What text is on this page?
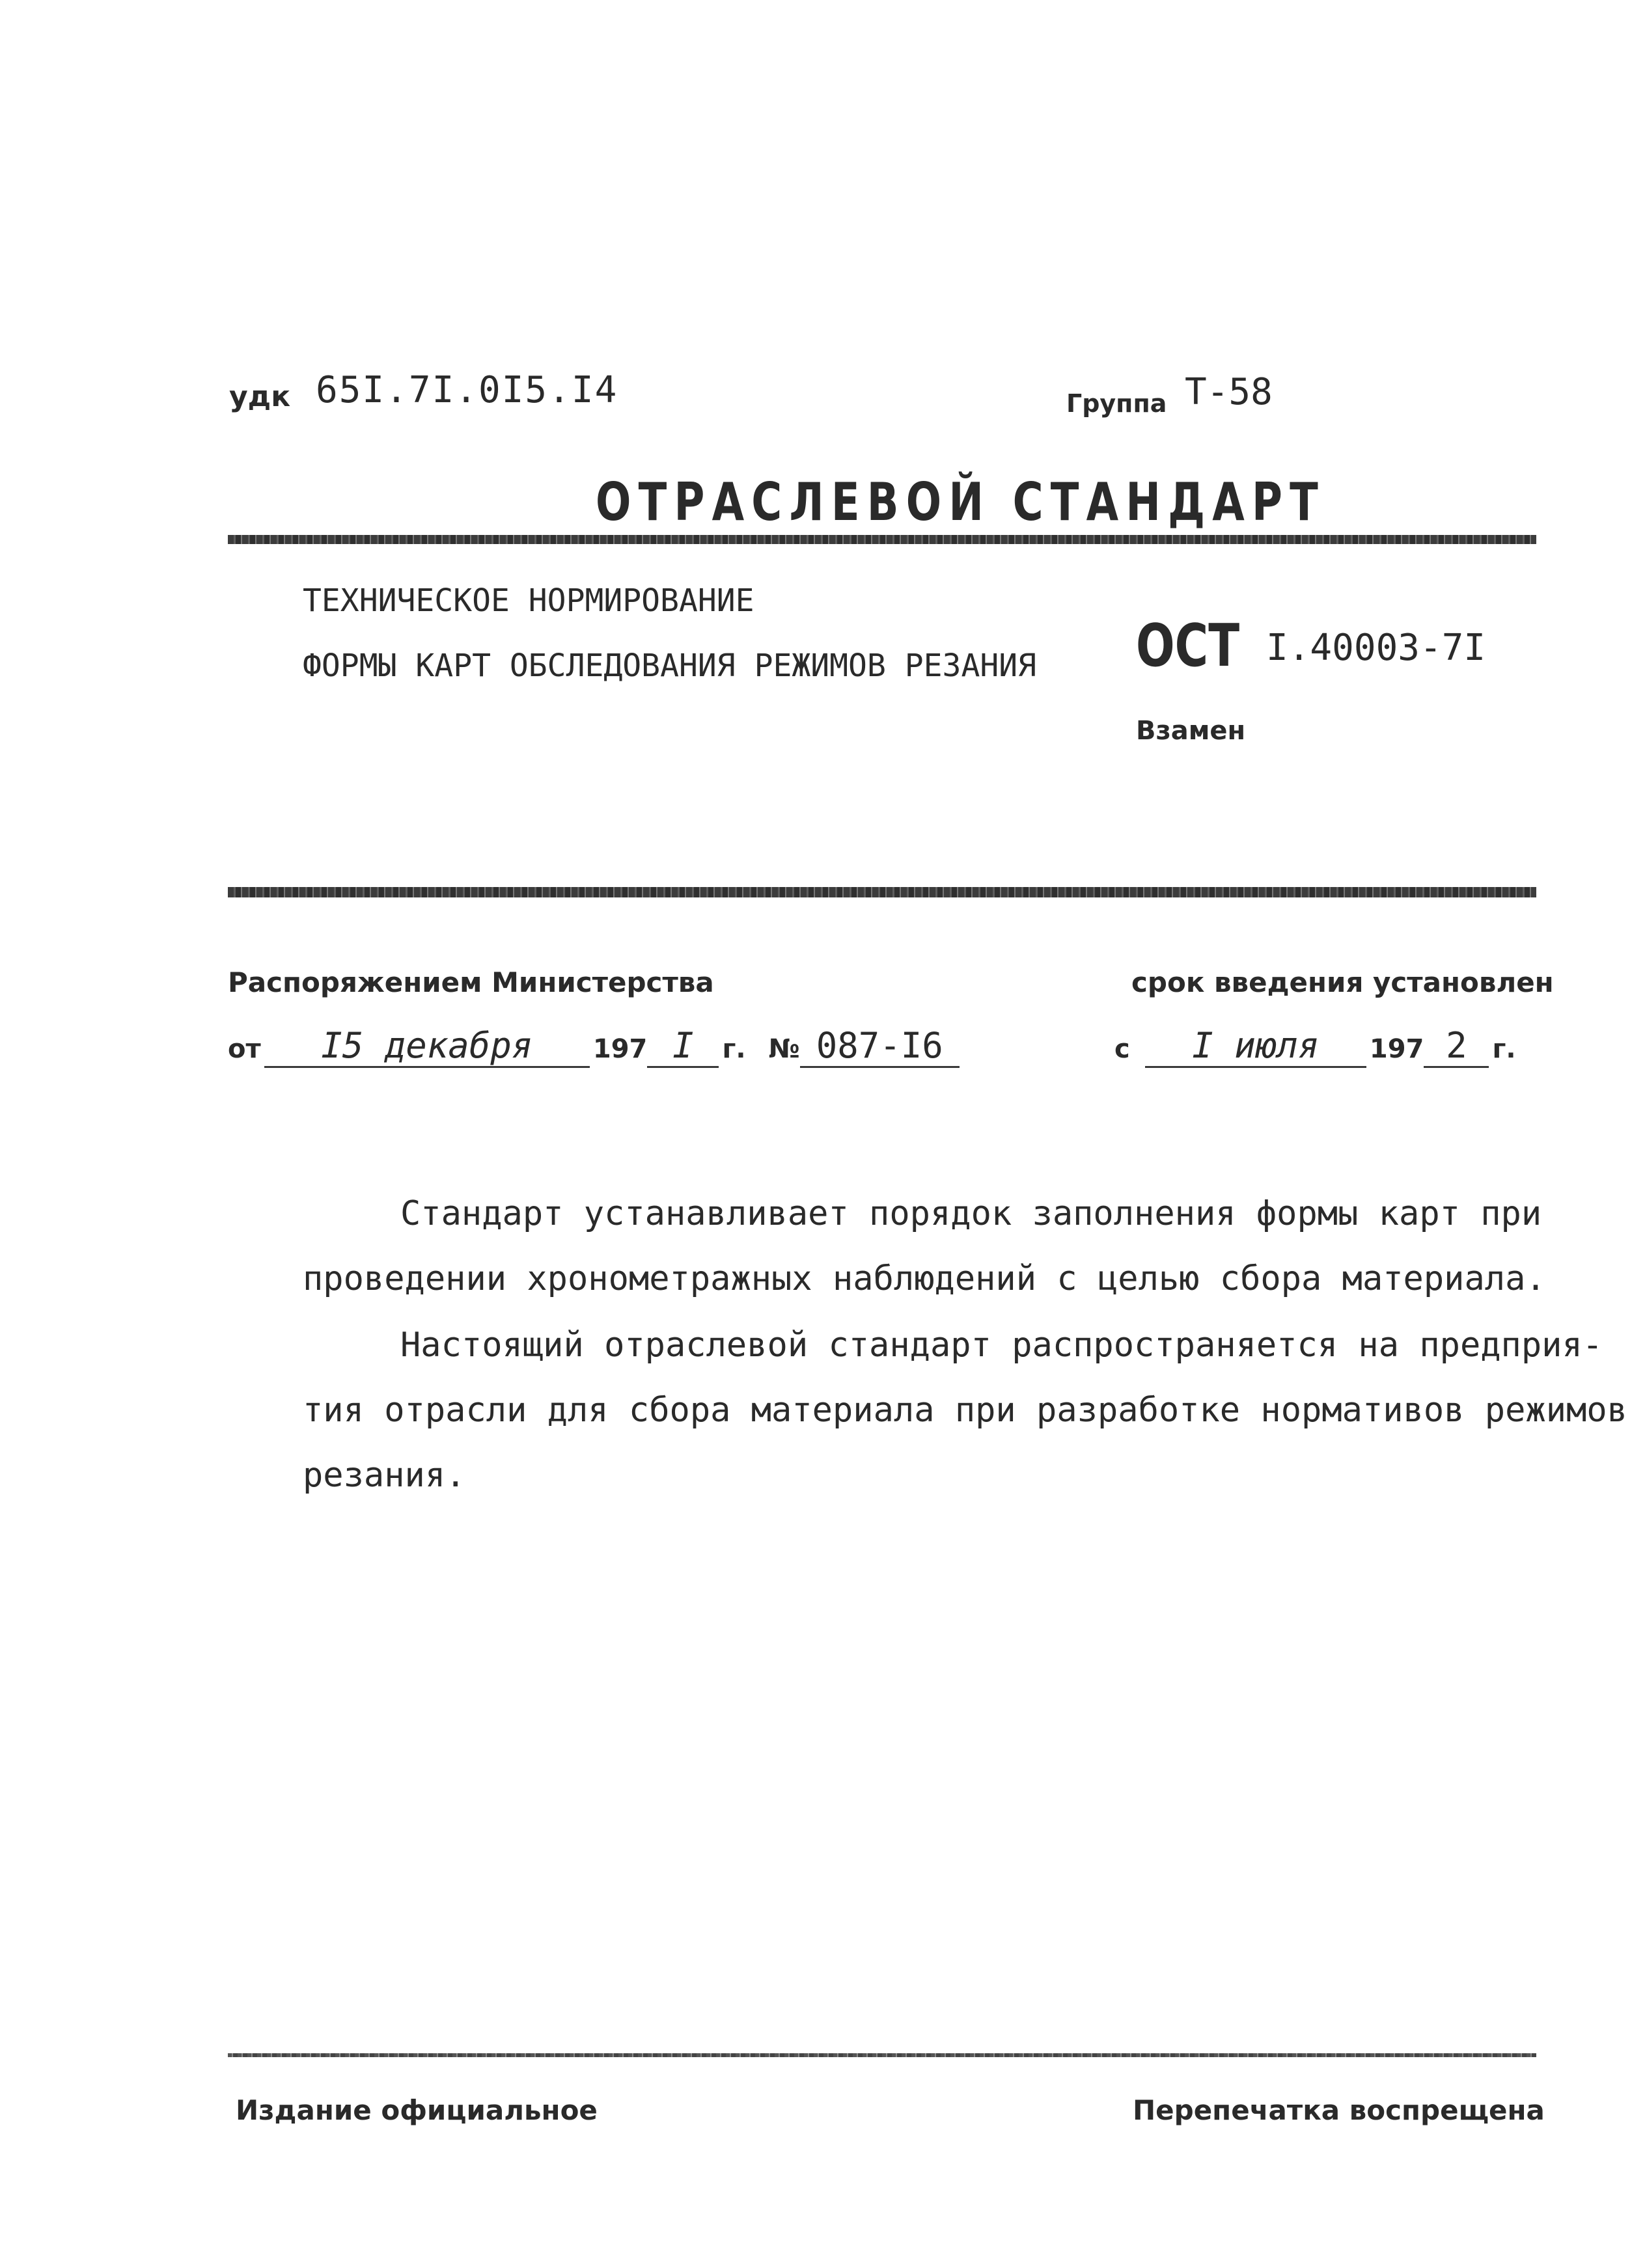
удк 65I.7I.0I5.I4	Группа Т-58
ОТРАСЛЕВОЙ СТАНДАРТ
ТЕХНИЧЕСКОЕ НОРМИРОВАНИЕ
ФОРМЫ КАРТ ОБСЛЕДОВАНИЯ РЕЖИМОВ РЕЗАНИЯ ОСТ I.40003-7I
Взамен
Распоряжением Министерства	срок введения установлен
от I5 декабря 197 I г. № 087-I6	с I июля 197 2 г.
Стандарт устанавливает порядок заполнения формы карт при
проведении хронометражных наблюдений с целью сбора материала.
Настоящий отраслевой стандарт распространяется на предприя-
тия отрасли для сбора материала при разработке нормативов режимов
резания.
Издание официальное	Перепечатка воспрещена
